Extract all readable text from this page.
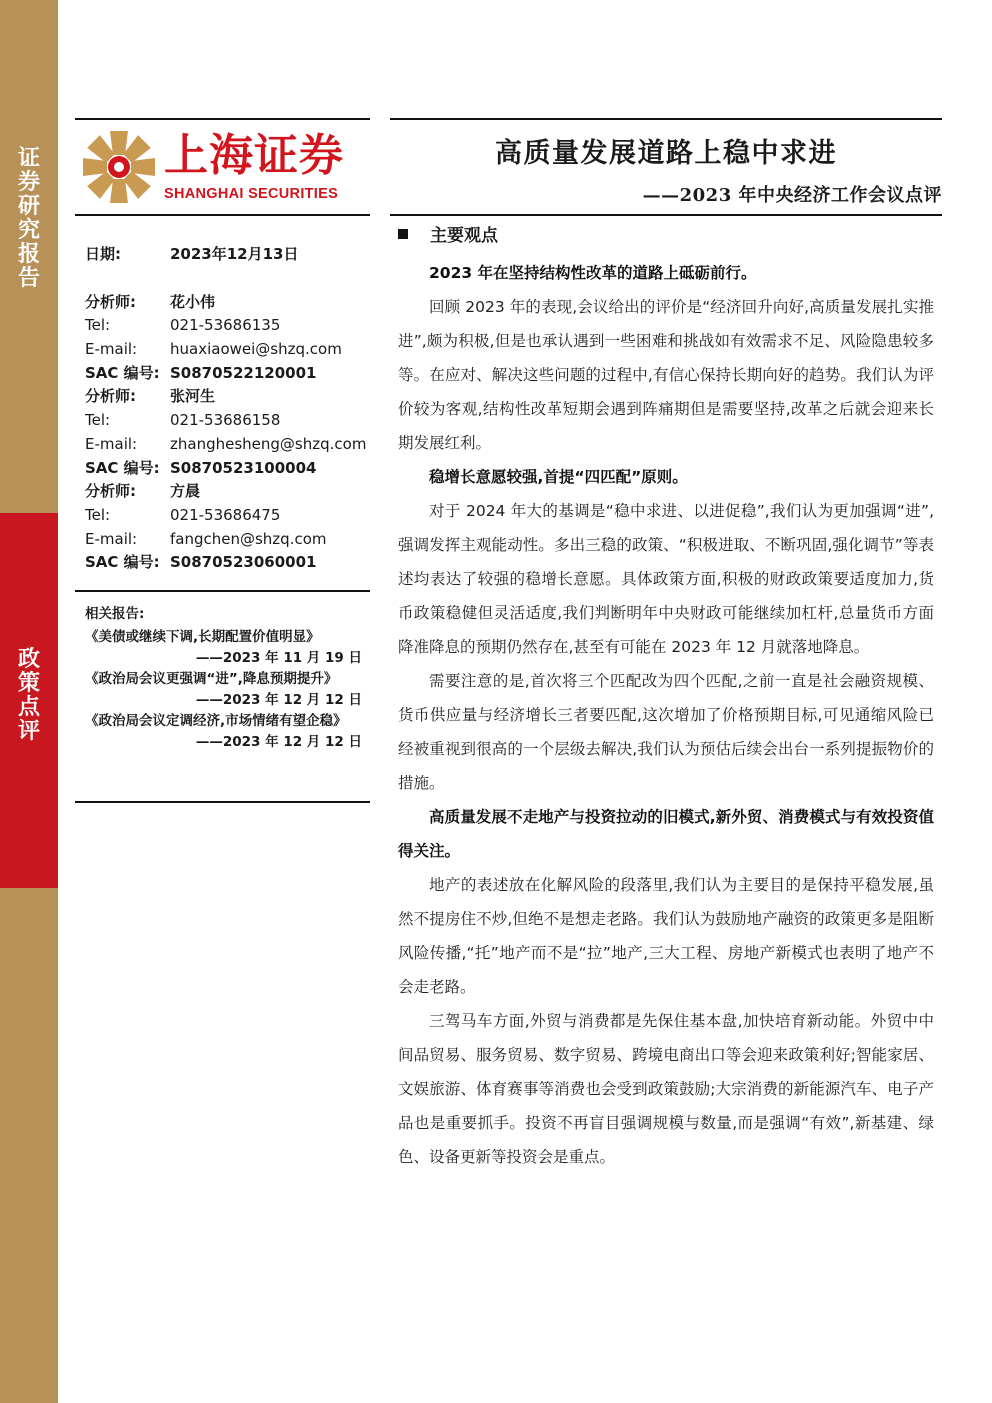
证券研究报告
政策点评
上海证券
SHANGHAI SECURITIES
日期:	2023年12月13日
分析师: 花小伟
Tel:	021-53686135
E-mail: huaxiaowei@shzq.com
SAC 编号: S0870522120001
分析师: 张河生
Tel:	021-53686158
E-mail: zhanghesheng@shzq.com
SAC 编号: S0870523100004
分析师: 方晨
Tel:	021-53686475
E-mail: fangchen@shzq.com
SAC 编号: S0870523060001
相关报告:
《美债或继续下调,长期配置价值明显》
——2023 年 11 月 19 日
《政治局会议更强调“进”,降息预期提升》
——2023 年 12 月 12 日
《政治局会议定调经济,市场情绪有望企稳》
——2023 年 12 月 12 日
高质量发展道路上稳中求进
——2023 年中央经济工作会议点评
主要观点

2023 年在坚持结构性改革的道路上砥砺前行。

回顾 2023 年的表现,会议给出的评价是“经济回升向好,高质量发展扎实推进”,颇为积极,但是也承认遇到一些困难和挑战如有效需求不足、风险隐患较多等。在应对、解决这些问题的过程中,有信心保持长期向好的趋势。我们认为评价较为客观,结构性改革短期会遇到阵痛期但是需要坚持,改革之后就会迎来长期发展红利。

稳增长意愿较强,首提“四匹配”原则。

对于 2024 年大的基调是“稳中求进、以进促稳”,我们认为更加强调“进”,强调发挥主观能动性。多出三稳的政策、“积极进取、不断巩固,强化调节”等表述均表达了较强的稳增长意愿。具体政策方面,积极的财政政策要适度加力,货币政策稳健但灵活适度,我们判断明年中央财政可能继续加杠杆,总量货币方面降准降息的预期仍然存在,甚至有可能在 2023 年 12 月就落地降息。

需要注意的是,首次将三个匹配改为四个匹配,之前一直是社会融资规模、货币供应量与经济增长三者要匹配,这次增加了价格预期目标,可见通缩风险已经被重视到很高的一个层级去解决,我们认为预估后续会出台一系列提振物价的措施。

高质量发展不走地产与投资拉动的旧模式,新外贸、消费模式与有效投资值得关注。

地产的表述放在化解风险的段落里,我们认为主要目的是保持平稳发展,虽然不提房住不炒,但绝不是想走老路。我们认为鼓励地产融资的政策更多是阻断风险传播,“托”地产而不是“拉”地产,三大工程、房地产新模式也表明了地产不会走老路。

三驾马车方面,外贸与消费都是先保住基本盘,加快培育新动能。外贸中中间品贸易、服务贸易、数字贸易、跨境电商出口等会迎来政策利好;智能家居、文娱旅游、体育赛事等消费也会受到政策鼓励;大宗消费的新能源汽车、电子产品也是重要抓手。投资不再盲目强调规模与数量,而是强调“有效”,新基建、绿色、设备更新等投资会是重点。
